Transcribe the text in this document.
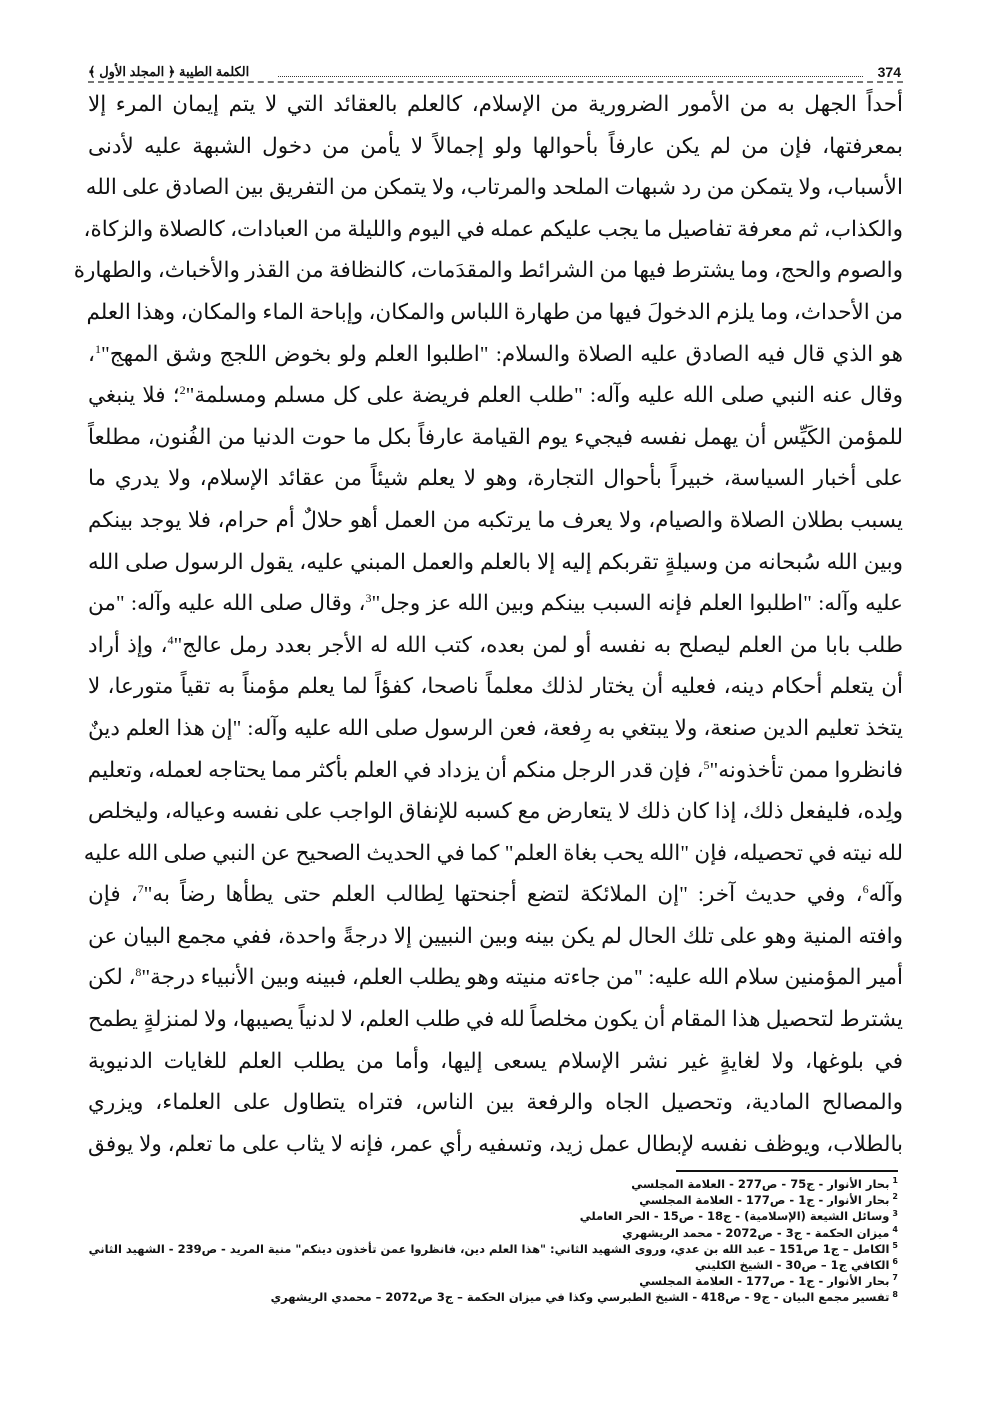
374
الكلمة الطيبة ﴿ المجلد الأول ﴾
أحداً الجهل به من الأمور الضرورية من الإسلام، كالعلم بالعقائد التي لا يتم إيمان المرء إلا
بمعرفتها، فإن من لم يكن عارفاً بأحوالها ولو إجمالاً لا يأمن من دخول الشبهة عليه لأدنى
الأسباب، ولا يتمكن من رد شبهات الملحد والمرتاب، ولا يتمكن من التفريق بين الصادق على الله
والكذاب، ثم معرفة تفاصيل ما يجب عليكم عمله في اليوم والليلة من العبادات، كالصلاة والزكاة،
والصوم والحج، وما يشترط فيها من الشرائط والمقدَمات، كالنظافة من القذر والأخباث، والطهارة
من الأحداث، وما يلزم الدخولَ فيها من طهارة اللباس والمكان، وإباحة الماء والمكان، وهذا العلم
هو الذي قال فيه الصادق عليه الصلاة والسلام: "اطلبوا العلم ولو بخوض اللجج وشق المهج"$^1$،
وقال عنه النبي صلى الله عليه وآله: "طلب العلم فريضة على كل مسلم ومسلمة"$^2$؛ فلا ينبغي
للمؤمن الكَيِّس أن يهمل نفسه فيجيء يوم القيامة عارفاً بكل ما حوت الدنيا من الفُنون، مطلعاً
على أخبار السياسة، خبيراً بأحوال التجارة، وهو لا يعلم شيئاً من عقائد الإسلام، ولا يدري ما
يسبب بطلان الصلاة والصيام، ولا يعرف ما يرتكبه من العمل أهو حلالٌ أم حرام، فلا يوجد بينكم
وبين الله سُبحانه من وسيلةٍ تقربكم إليه إلا بالعلم والعمل المبني عليه، يقول الرسول صلى الله
عليه وآله: "اطلبوا العلم فإنه السبب بينكم وبين الله عز وجل"$^3$، وقال صلى الله عليه وآله: "من
طلب بابا من العلم ليصلح به نفسه أو لمن بعده، كتب الله له الأجر بعدد رمل عالج"$^4$، وإذ أراد
أن يتعلم أحكام دينه، فعليه أن يختار لذلك معلماً ناصحا، كفؤاً لما يعلم مؤمناً به تقياً متورعا، لا
يتخذ تعليم الدين صنعة، ولا يبتغي به رِفعة، فعن الرسول صلى الله عليه وآله: "إن هذا العلم دينٌ
فانظروا ممن تأخذونه"$^5$، فإن قدر الرجل منكم أن يزداد في العلم بأكثر مما يحتاجه لعمله، وتعليم
ولِده، فليفعل ذلك، إذا كان ذلك لا يتعارض مع كسبه للإنفاق الواجب على نفسه وعياله، وليخلص
لله نيته في تحصيله، فإن "الله يحب بغاة العلم" كما في الحديث الصحيح عن النبي صلى الله عليه
وآله$^6$، وفي حديث آخر: "إن الملائكة لتضع أجنحتها لِطالب العلم حتى يطأها رضاً به"$^7$، فإن
وافته المنية وهو على تلك الحال لم يكن بينه وبين النبيين إلا درجةً واحدة، ففي مجمع البيان عن
أمير المؤمنين سلام الله عليه: "من جاءته منيته وهو يطلب العلم، فبينه وبين الأنبياء درجة"$^8$، لكن
يشترط لتحصيل هذا المقام أن يكون مخلصاً لله في طلب العلم، لا لدنياً يصيبها، ولا لمنزلةٍ يطمح
في بلوغها، ولا لغايةٍ غير نشر الإسلام يسعى إليها، وأما من يطلب العلم للغايات الدنيوية
والمصالح المادية، وتحصيل الجاه والرفعة بين الناس، فتراه يتطاول على العلماء، ويزري
بالطلاب، ويوظف نفسه لإبطال عمل زيد، وتسفيه رأي عمر، فإنه لا يثاب على ما تعلم، ولا يوفق
$^1$بحار الأنوار - ج75 - ص277 - العلامة المجلسي
$^2$بحار الأنوار - ج1 - ص177 - العلامة المجلسي
$^3$وسائل الشيعة (الإسلامية) - ج18 - ص15 - الحر العاملي
$^4$ميزان الحكمة - ج3 - ص2072 - محمد الريشهري
$^5$الكامل – ج1 ص151 – عبد الله بن عدي، وروى الشهيد الثاني: "هذا العلم دين، فانظروا عمن تأخذون دينكم" منية المريد - ص239 - الشهيد الثاني
$^6$الكافي ج1 – ص30 - الشيخ الكليني
$^7$بحار الأنوار - ج1 - ص177 - العلامة المجلسي
$^8$تفسير مجمع البيان - ج9 - ص418 - الشيخ الطبرسي وكذا في ميزان الحكمة – ج3 ص2072 – محمدي الريشهري
